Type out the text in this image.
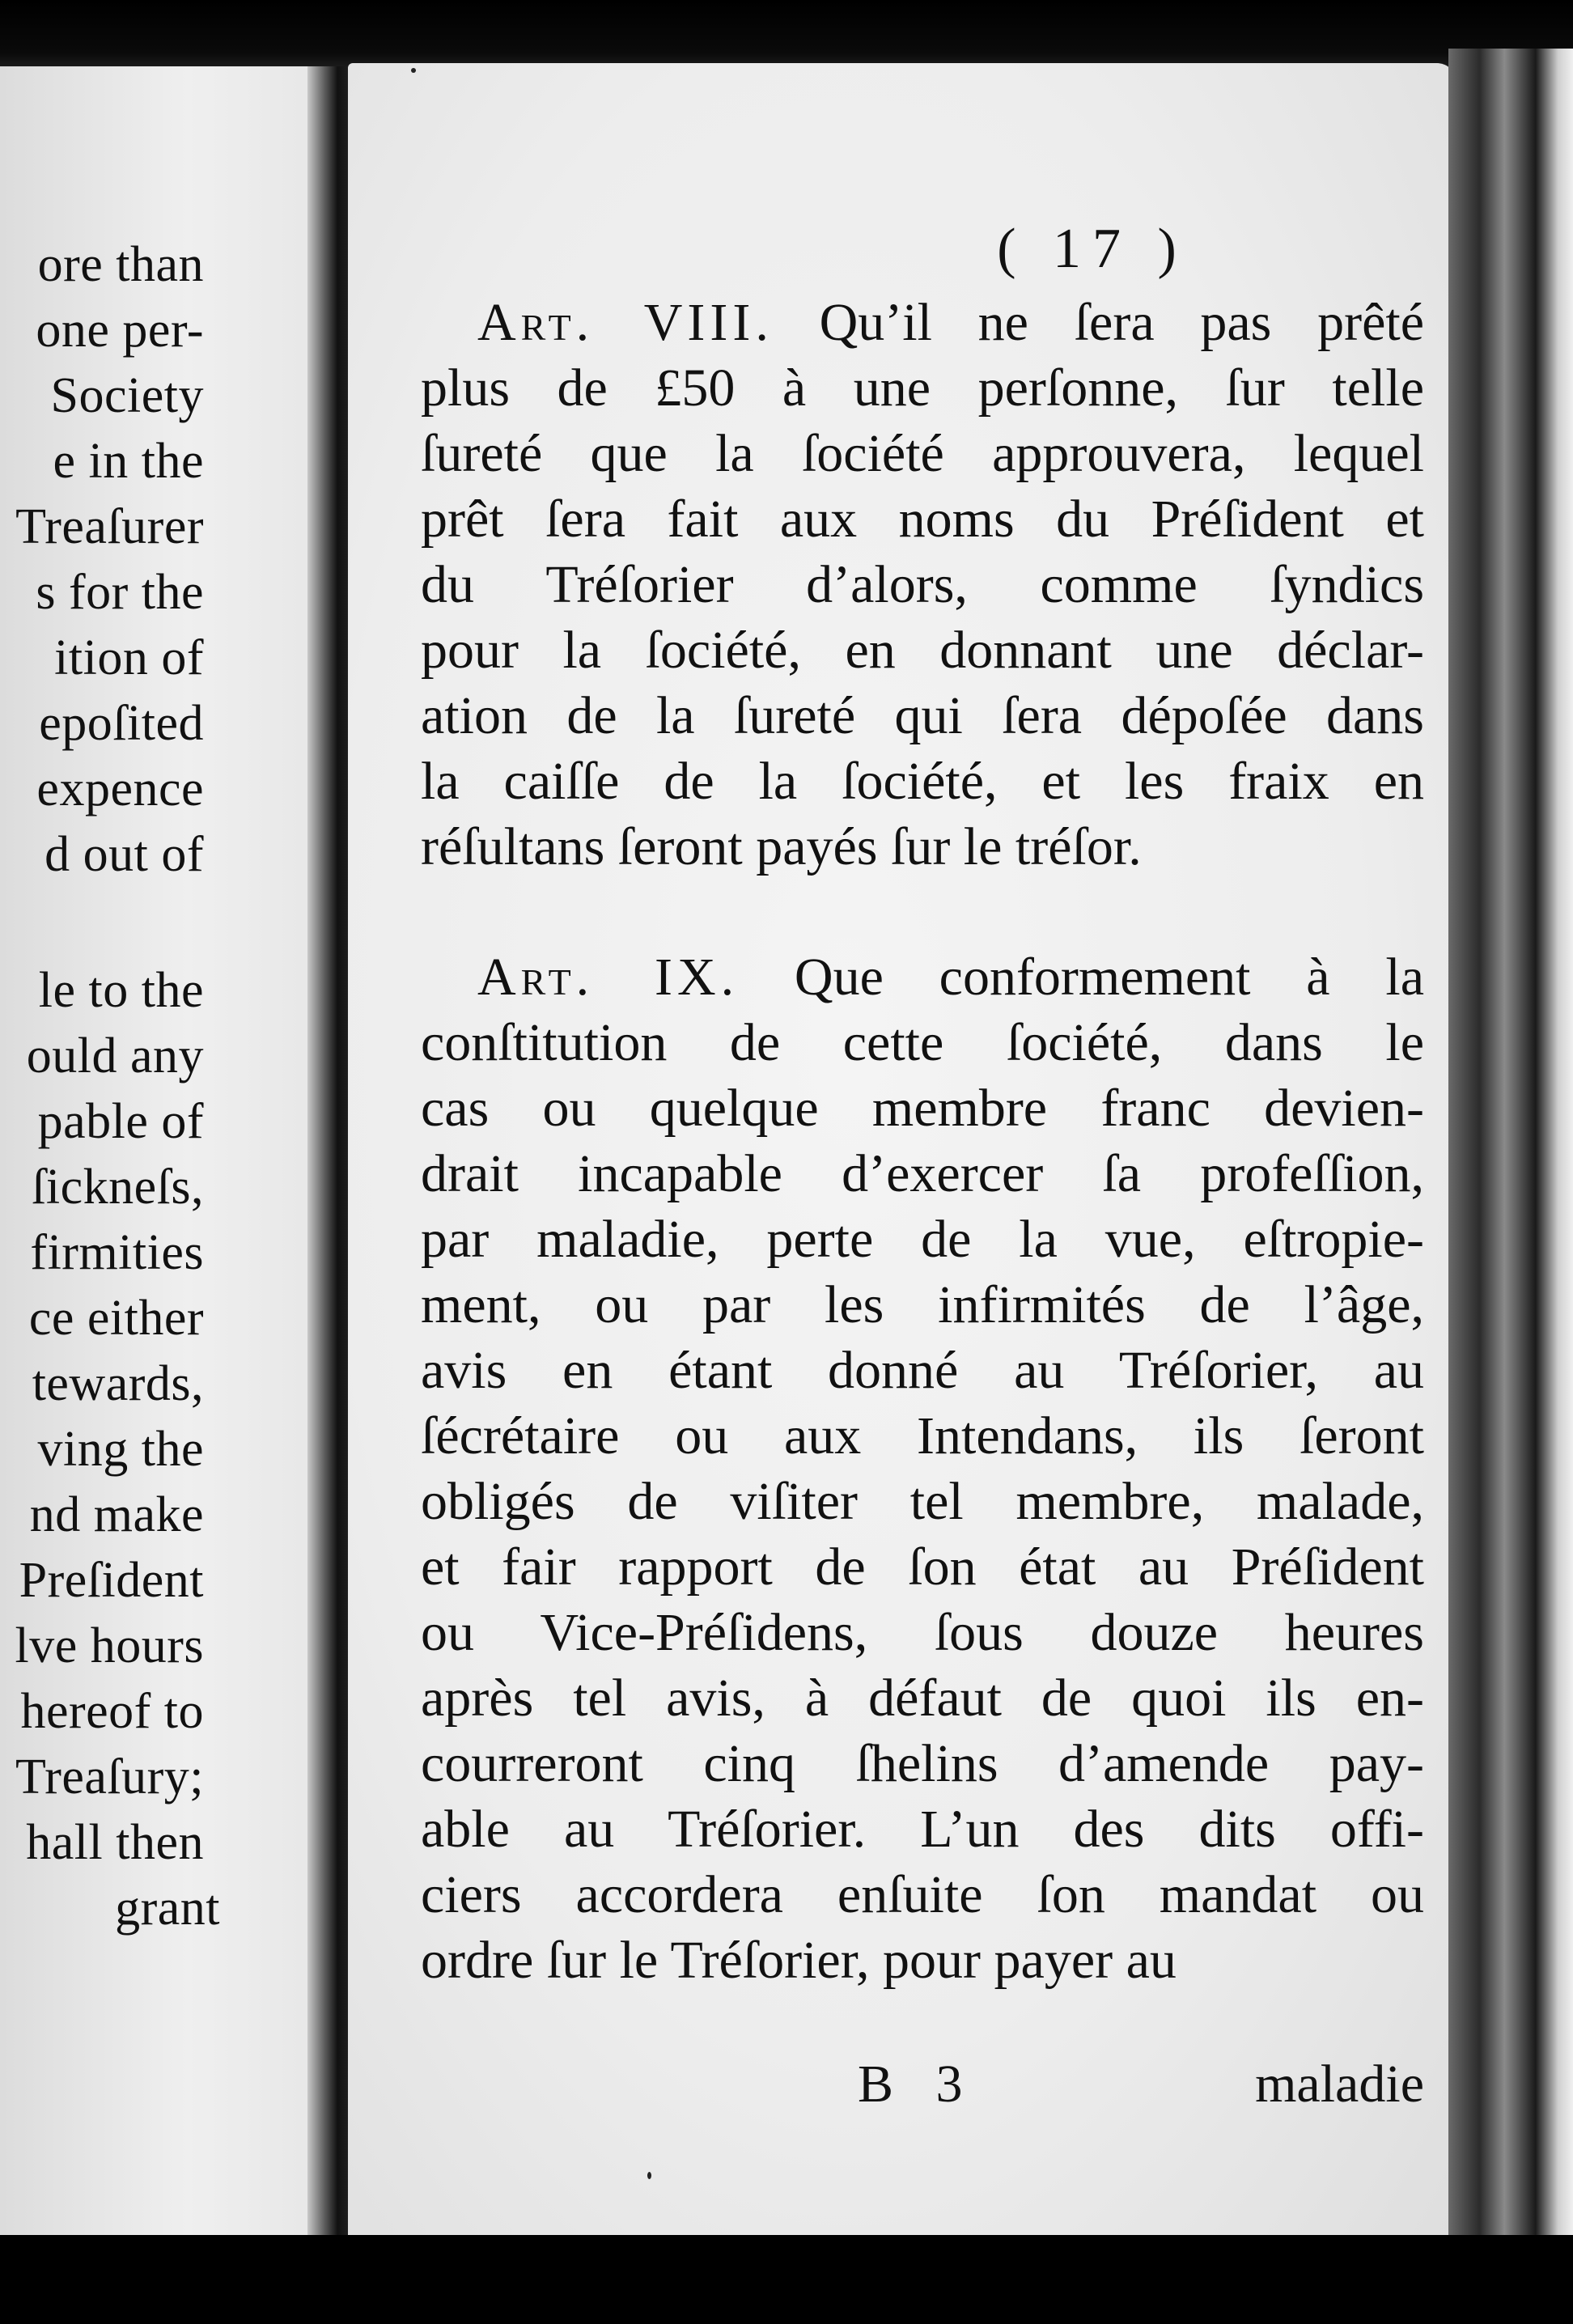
ore than
one per-
Society
e in the
Treaſurer
s for the
ition of
epoſited
expence
d out of
le to the
ould any
pable of
ſickneſs,
firmities
ce either
tewards,
ving the
nd make
Preſident
lve hours
hereof to
Treaſury;
hall then
grant
( 17 )
Art. VIII. Qu’il ne ſera pas prêté
plus de £50 à une perſonne, ſur telle
ſureté que la ſociété approuvera, lequel
prêt ſera fait aux noms du Préſident et
du Tréſorier d’alors, comme ſyndics
pour la ſociété, en donnant une déclar-
ation de la ſureté qui ſera dépoſée dans
la caiſſe de la ſociété, et les fraix en
réſultans ſeront payés ſur le tréſor.
Art. IX. Que conformement à la
conſtitution de cette ſociété, dans le
cas ou quelque membre franc devien-
drait incapable d’exercer ſa profeſſion,
par maladie, perte de la vue, eſtropie-
ment, ou par les infirmités de l’âge,
avis en étant donné au Tréſorier, au
ſécrétaire ou aux Intendans, ils ſeront
obligés de viſiter tel membre, malade,
et fair rapport de ſon état au Préſident
ou Vice-Préſidens, ſous douze heures
après tel avis, à défaut de quoi ils en-
courreront cinq ſhelins d’amende pay-
able au Tréſorier. L’un des dits offi-
ciers accordera enſuite ſon mandat ou
ordre ſur le Tréſorier, pour payer au
B 3	maladie
